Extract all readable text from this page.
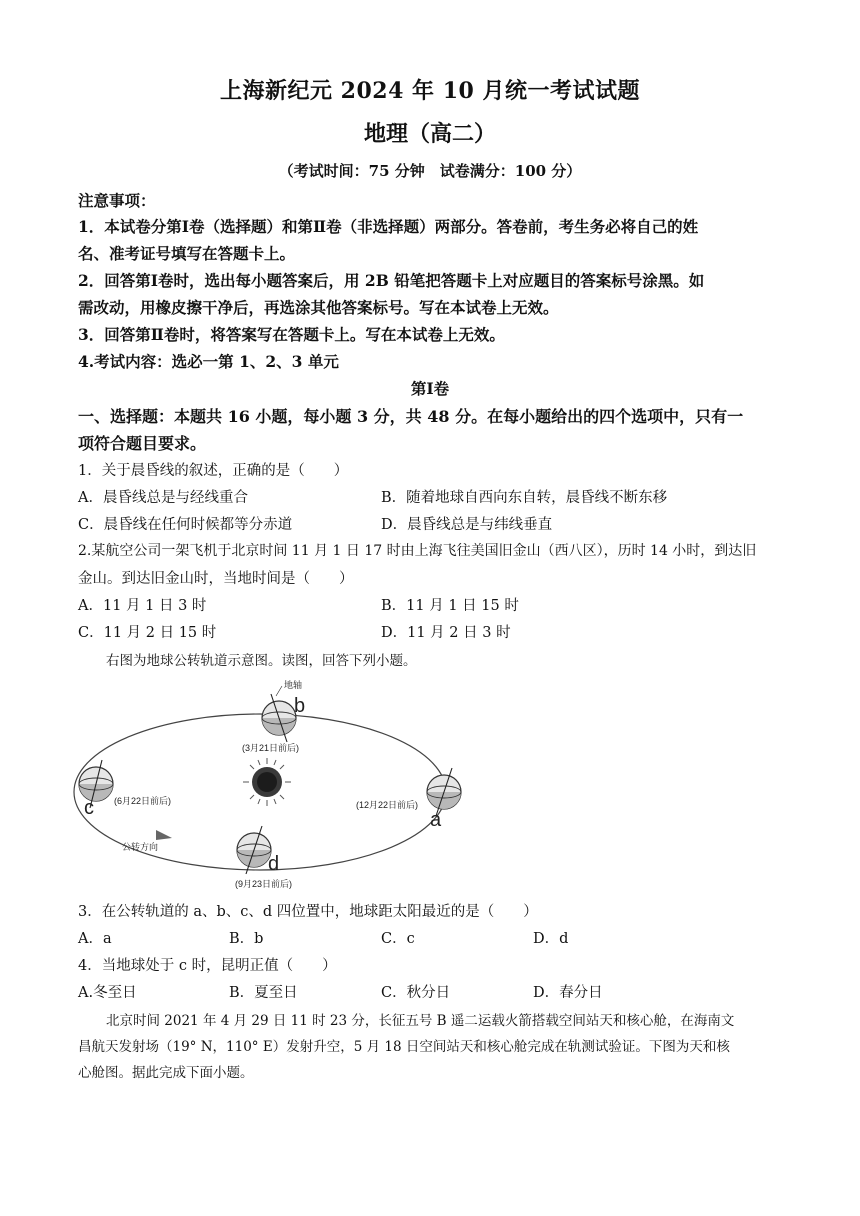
上海新纪元 2024 年 10 月统一考试试题
地理（高二）
（考试时间：75 分钟　试卷满分：100 分）
注意事项：
1．本试卷分第Ⅰ卷（选择题）和第Ⅱ卷（非选择题）两部分。答卷前，考生务必将自己的姓
名、准考证号填写在答题卡上。
2．回答第Ⅰ卷时，选出每小题答案后，用 2B 铅笔把答题卡上对应题目的答案标号涂黑。如
需改动，用橡皮擦干净后，再选涂其他答案标号。写在本试卷上无效。
3．回答第Ⅱ卷时，将答案写在答题卡上。写在本试卷上无效。
4.考试内容：选必一第 1、2、3 单元
第Ⅰ卷
一、选择题：本题共 16 小题，每小题 3 分，共 48 分。在每小题给出的四个选项中，只有一
项符合题目要求。
1．关于晨昏线的叙述，正确的是（　　）
A．晨昏线总是与经线重合	B．随着地球自西向东自转，晨昏线不断东移
C．晨昏线在任何时候都等分赤道	D．晨昏线总是与纬线垂直
2.某航空公司一架飞机于北京时间 11 月 1 日 17 时由上海飞往美国旧金山（西八区），历时 14 小时，到达旧
金山。到达旧金山时，当地时间是（　　）
A．11 月 1 日 3 时	B．11 月 1 日 15 时
C．11 月 2 日 15 时	D．11 月 2 日 3 时
右图为地球公转轨道示意图。读图，回答下列小题。
地轴
b
(3月21日前后)
c (6月22日前后)
a
(12月22日前后)
d
(9月23日前后)
公转方向
3．在公转轨道的 a、b、c、d 四位置中，地球距太阳最近的是（　　）
A．a	B．b	C．c	D．d
4．当地球处于 c 时，昆明正值（　　）
A.冬至日	B．夏至日	C．秋分日	D．春分日
北京时间 2021 年 4 月 29 日 11 时 23 分，长征五号 B 遥二运载火箭搭载空间站天和核心舱，在海南文
昌航天发射场（19° N，110° E）发射升空，5 月 18 日空间站天和核心舱完成在轨测试验证。下图为天和核
心舱图。据此完成下面小题。
